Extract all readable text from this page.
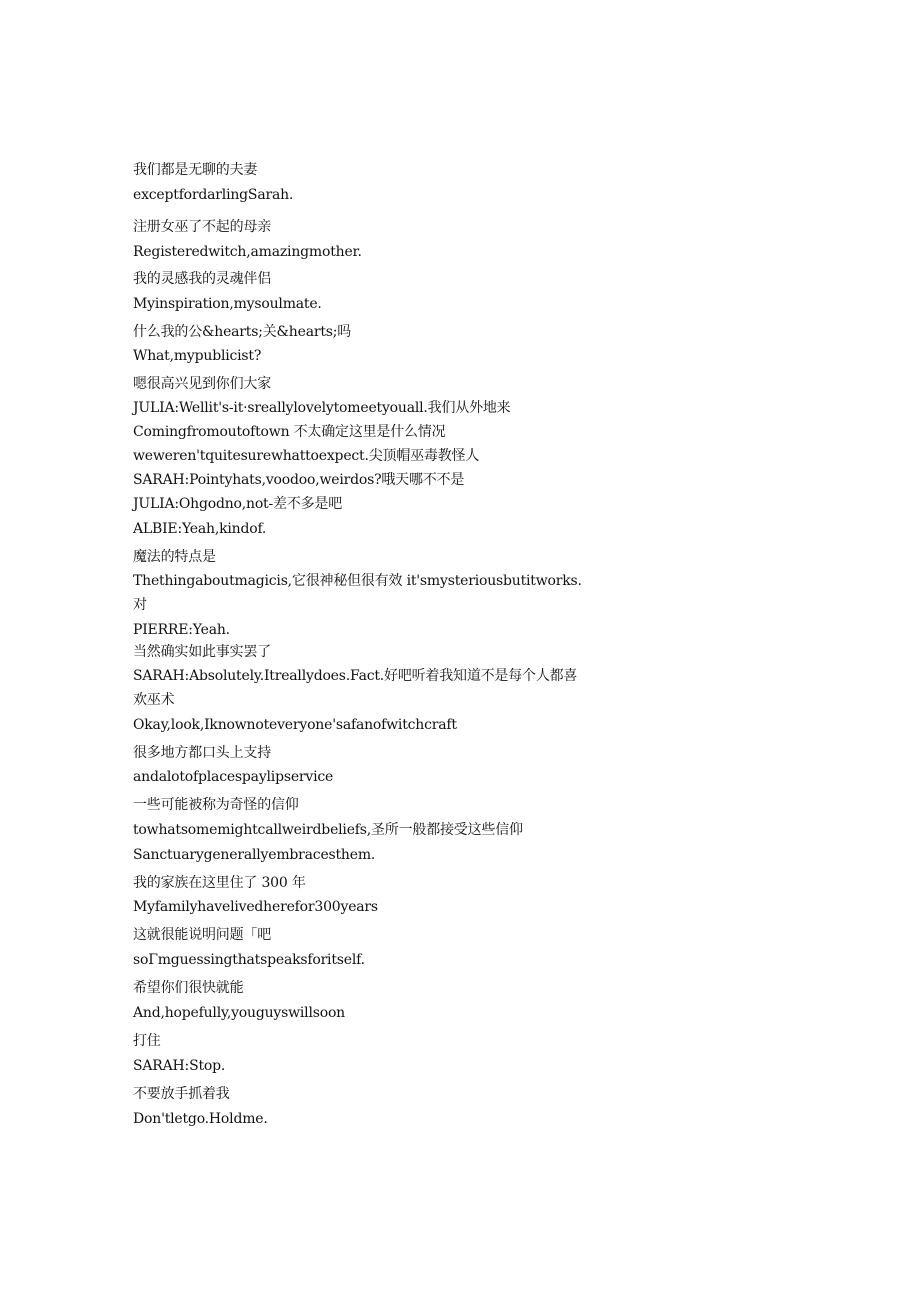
我们都是无聊的夫妻
exceptfordarlingSarah.
注册女巫了不起的母亲
Registeredwitch,amazingmother.
我的灵感我的灵魂伴侣
Myinspiration,mysoulmate.
什么我的公&hearts;关&hearts;吗
What,mypublicist?
嗯很高兴见到你们大家
JULIA:Wellit's-it·sreallylovelytomeetyouall.我们从外地来
Comingfromoutoftown 不太确定这里是什么情况
weweren'tquitesurewhattoexpect.尖顶帽巫毒教怪人
SARAH:Pointyhats,voodoo,weirdos?哦天哪不不是
JULIA:Ohgodno,not-差不多是吧
ALBIE:Yeah,kindof.
魔法的特点是
Thethingaboutmagicis,它很神秘但很有效 it'smysteriousbutitworks.
对
PIERRE:Yeah.
当然确实如此事实罢了
SARAH:Absolutely.Itreallydoes.Fact.好吧听着我知道不是每个人都喜
欢巫术
Okay,look,Iknownoteveryone'safanofwitchcraft
很多地方都口头上支持
andalotofplacespaylipservice
一些可能被称为奇怪的信仰
towhatsomemightcallweirdbeliefs,圣所一般都接受这些信仰
Sanctuarygenerallyembracesthem.
我的家族在这里住了 300 年
Myfamilyhavelivedherefor300years
这就很能说明问题「吧
soΓmguessingthatspeaksforitself.
希望你们很快就能
And,hopefully,youguyswillsoon
打住
SARAH:Stop.
不要放手抓着我
Don'tletgo.Holdme.
